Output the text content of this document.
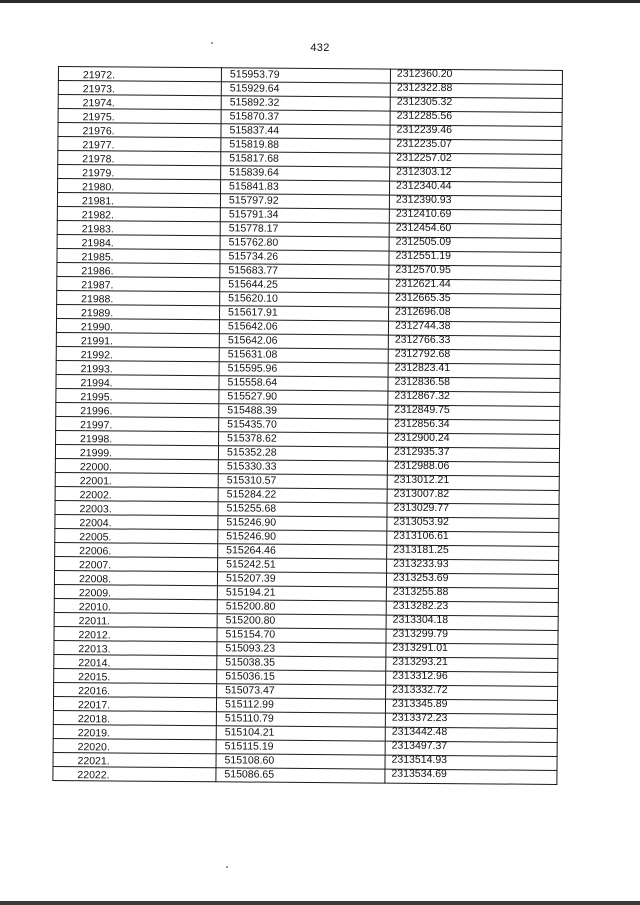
432
21972.	515953.79	2312360.20
21973.	515929.64	2312322.88
21974.	515892.32	2312305.32
21975.	515870.37	2312285.56
21976.	515837.44	2312239.46
21977.	515819.88	2312235.07
21978.	515817.68	2312257.02
21979.	515839.64	2312303.12
21980.	515841.83	2312340.44
21981.	515797.92	2312390.93
21982.	515791.34	2312410.69
21983.	515778.17	2312454.60
21984.	515762.80	2312505.09
21985.	515734.26	2312551.19
21986.	515683.77	2312570.95
21987.	515644.25	2312621.44
21988.	515620.10	2312665.35
21989.	515617.91	2312696.08
21990.	515642.06	2312744.38
21991.	515642.06	2312766.33
21992.	515631.08	2312792.68
21993.	515595.96	2312823.41
21994.	515558.64	2312836.58
21995.	515527.90	2312867.32
21996.	515488.39	2312849.75
21997.	515435.70	2312856.34
21998.	515378.62	2312900.24
21999.	515352.28	2312935.37
22000.	515330.33	2312988.06
22001.	515310.57	2313012.21
22002.	515284.22	2313007.82
22003.	515255.68	2313029.77
22004.	515246.90	2313053.92
22005.	515246.90	2313106.61
22006.	515264.46	2313181.25
22007.	515242.51	2313233.93
22008.	515207.39	2313253.69
22009.	515194.21	2313255.88
22010.	515200.80	2313282.23
22011.	515200.80	2313304.18
22012.	515154.70	2313299.79
22013.	515093.23	2313291.01
22014.	515038.35	2313293.21
22015.	515036.15	2313312.96
22016.	515073.47	2313332.72
22017.	515112.99	2313345.89
22018.	515110.79	2313372.23
22019.	515104.21	2313442.48
22020.	515115.19	2313497.37
22021.	515108.60	2313514.93
22022.	515086.65	2313534.69
